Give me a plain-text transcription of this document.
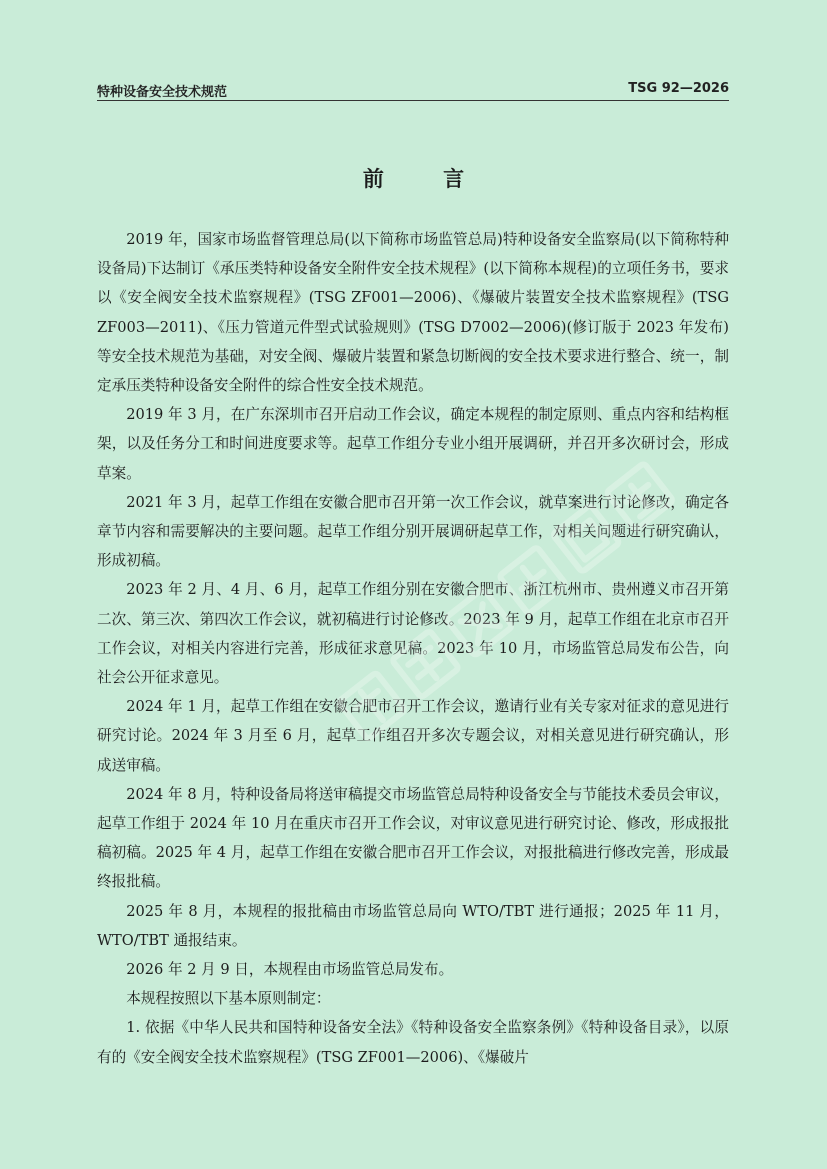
特种设备安全技术规范	TSG 92—2026
前 言

2019 年，国家市场监督管理总局(以下简称市场监管总局)特种设备安全监察局(以下简称特种设备局)下达制订《承压类特种设备安全附件安全技术规程》(以下简称本规程)的立项任务书，要求以《安全阀安全技术监察规程》(TSG ZF001—2006)、《爆破片装置安全技术监察规程》(TSG ZF003—2011)、《压力管道元件型式试验规则》(TSG D7002—2006)(修订版于 2023 年发布)等安全技术规范为基础，对安全阀、爆破片装置和紧急切断阀的安全技术要求进行整合、统一，制定承压类特种设备安全附件的综合性安全技术规范。

2019 年 3 月，在广东深圳市召开启动工作会议，确定本规程的制定原则、重点内容和结构框架，以及任务分工和时间进度要求等。起草工作组分专业小组开展调研，并召开多次研讨会，形成草案。

2021 年 3 月，起草工作组在安徽合肥市召开第一次工作会议，就草案进行讨论修改，确定各章节内容和需要解决的主要问题。起草工作组分别开展调研起草工作，对相关问题进行研究确认，形成初稿。

2023 年 2 月、4 月、6 月，起草工作组分别在安徽合肥市、浙江杭州市、贵州遵义市召开第二次、第三次、第四次工作会议，就初稿进行讨论修改。2023 年 9 月，起草工作组在北京市召开工作会议，对相关内容进行完善，形成征求意见稿。2023 年 10 月，市场监管总局发布公告，向社会公开征求意见。

2024 年 1 月，起草工作组在安徽合肥市召开工作会议，邀请行业有关专家对征求的意见进行研究讨论。2024 年 3 月至 6 月，起草工作组召开多次专题会议，对相关意见进行研究确认，形成送审稿。

2024 年 8 月，特种设备局将送审稿提交市场监管总局特种设备安全与节能技术委员会审议，起草工作组于 2024 年 10 月在重庆市召开工作会议，对审议意见进行研究讨论、修改，形成报批稿初稿。2025 年 4 月，起草工作组在安徽合肥市召开工作会议，对报批稿进行修改完善，形成最终报批稿。

2025 年 8 月，本规程的报批稿由市场监管总局向 WTO/TBT 进行通报；2025 年 11 月，WTO/TBT 通报结束。

2026 年 2 月 9 日，本规程由市场监管总局发布。

本规程按照以下基本原则制定：

1. 依据《中华人民共和国特种设备安全法》《特种设备安全监察条例》《特种设备目录》，以原有的《安全阀安全技术监察规程》(TSG ZF001—2006)、《爆破片
